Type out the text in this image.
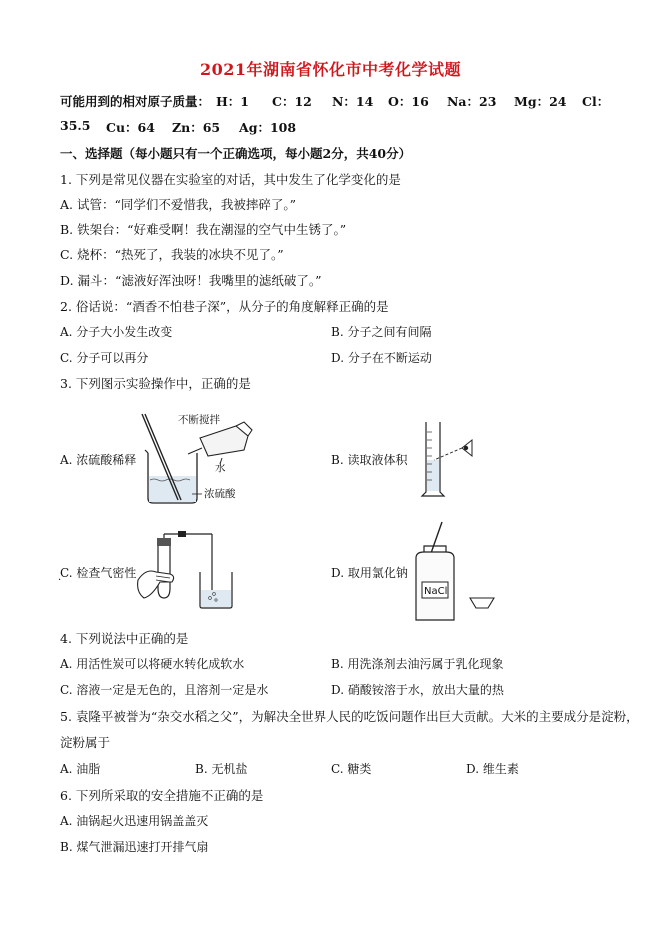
2021年湖南省怀化市中考化学试题
可能用到的相对原子质量： H：1 C：12 N：14 O：16 Na：23 Mg：24 Cl：
35.5 Cu：64 Zn：65 Ag：108
一、选择题（每小题只有一个正确选项，每小题2分，共40分）
1. 下列是常见仪器在实验室的对话，其中发生了化学变化的是
A. 试管：“同学们不爱惜我，我被摔碎了。”
B. 铁架台：“好难受啊！我在潮湿的空气中生锈了。”
C. 烧杯：“热死了，我装的冰块不见了。”
D. 漏斗：“滤液好浑浊呀！我嘴里的滤纸破了。”
2. 俗话说：“酒香不怕巷子深”，从分子的角度解释正确的是
A. 分子大小发生改变	B. 分子之间有间隔
C. 分子可以再分	D. 分子在不断运动
3. 下列图示实验操作中，正确的是
A. 浓硫酸稀释	B. 读取液体积
C. 检查气密性
·
D. 取用氯化钠
不断搅拌
水
浓硫酸
NaCl
4. 下列说法中正确的是
A. 用活性炭可以将硬水转化成软水	B. 用洗涤剂去油污属于乳化现象
C. 溶液一定是无色的，且溶剂一定是水	D. 硝酸铵溶于水，放出大量的热
5. 袁隆平被誉为“杂交水稻之父”，为解决全世界人民的吃饭问题作出巨大贡献。大米的主要成分是淀粉，
淀粉属于
A. 油脂	B. 无机盐	C. 糖类	D. 维生素
6. 下列所采取的安全措施不正确的是
A. 油锅起火迅速用锅盖盖灭
B. 煤气泄漏迅速打开排气扇
